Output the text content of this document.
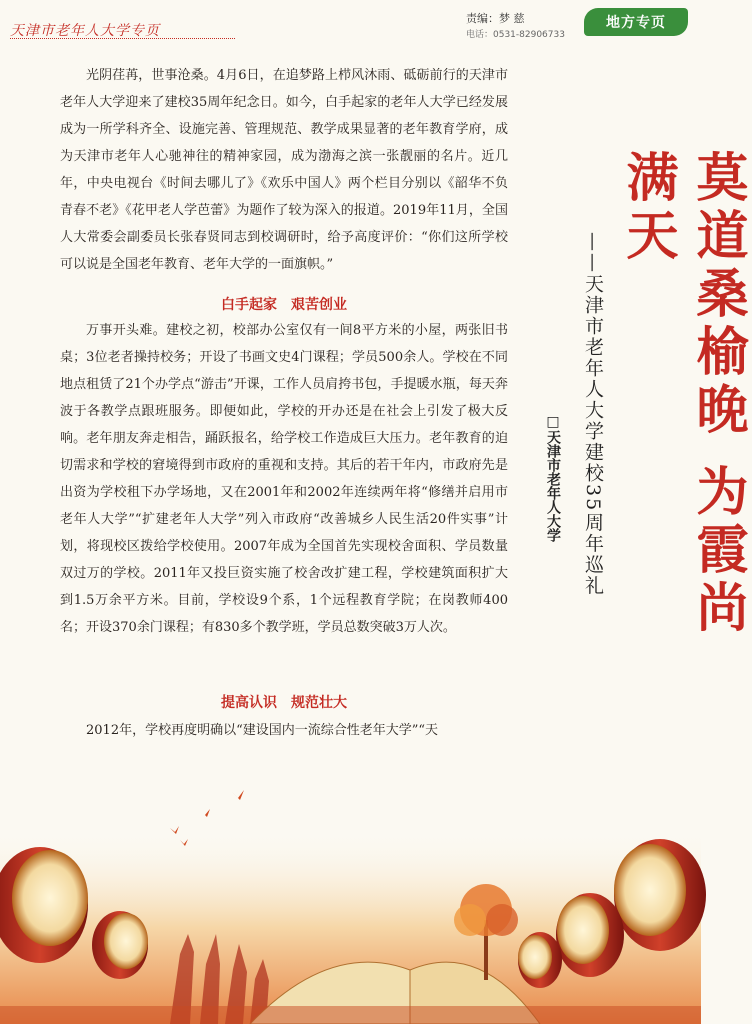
天津市老年人大学专页
责编：梦 慈
电话：0531-82906733
地方专页

光阴荏苒，世事沧桑。4月6日，在追梦路上栉风沐雨、砥砺前行的天津市老年人大学迎来了建校35周年纪念日。如今，白手起家的老年人大学已经发展成为一所学科齐全、设施完善、管理规范、教学成果显著的老年教育学府，成为天津市老年人心驰神往的精神家园，成为渤海之滨一张靓丽的名片。近几年，中央电视台《时间去哪儿了》《欢乐中国人》两个栏目分别以《韶华不负 青春不老》《花甲老人学芭蕾》为题作了较为深入的报道。2019年11月，全国人大常委会副委员长张春贤同志到校调研时，给予高度评价：“你们这所学校可以说是全国老年教育、老年大学的一面旗帜。”

白手起家　艰苦创业

万事开头难。建校之初，校部办公室仅有一间8平方米的小屋，两张旧书桌；3位老者操持校务；开设了书画文史4门课程；学员500余人。学校在不同地点租赁了21个办学点“游击”开课，工作人员肩挎书包，手提暖水瓶，每天奔波于各教学点跟班服务。即便如此，学校的开办还是在社会上引发了极大反响。老年朋友奔走相告，踊跃报名，给学校工作造成巨大压力。老年教育的迫切需求和学校的窘境得到市政府的重视和支持。其后的若干年内，市政府先是出资为学校租下办学场地，又在2001年和2002年连续两年将“修缮并启用市老年人大学”“扩建老年人大学”列入市政府“改善城乡人民生活20件实事”计划，将现校区拨给学校使用。2007年成为全国首先实现校舍面积、学员数量双过万的学校。2011年又投巨资实施了校舍改扩建工程，学校建筑面积扩大到1.5万余平方米。目前，学校设9个系，1个远程教育学院；在岗教师400名；开设370余门课程；有830多个教学班，学员总数突破3万人次。

提高认识　规范壮大

2012年，学校再度明确以“建设国内一流综合性老年大学”“天

莫道桑榆晚 为霞尚满天
——天津市老年人大学建校35周年巡礼
□天津市老年人大学
